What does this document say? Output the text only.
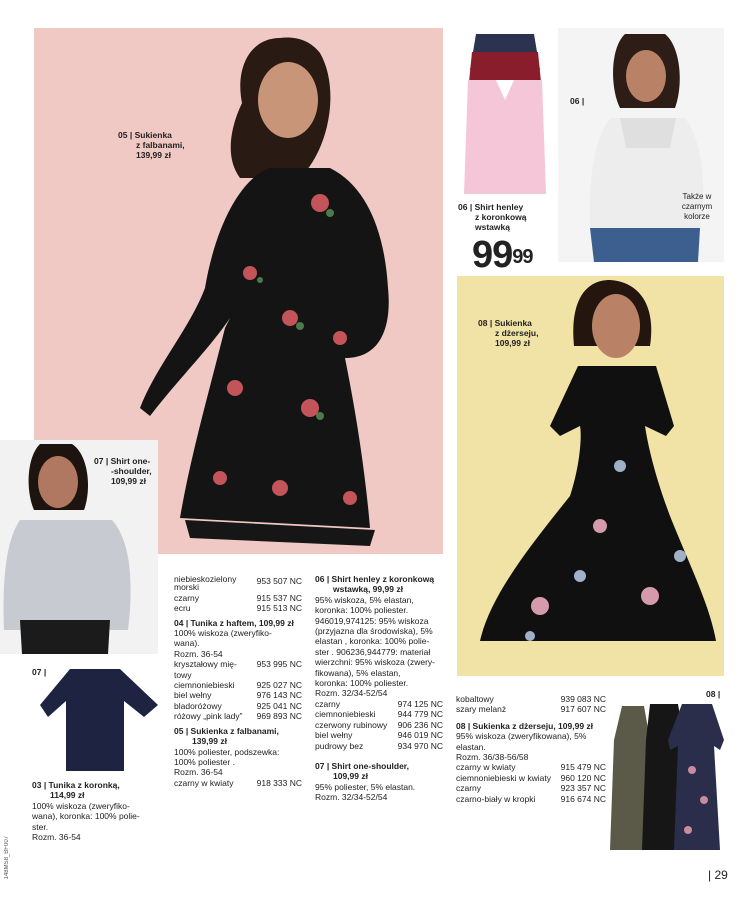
05 | Sukienka
z falbanami,
139,99 zł
06 | Shirt henley
z koronkową
wstawką
$99^{99}$
06 |
Także w
czarnym
kolorze
08 | Sukienka
z dżerseju,
109,99 zł
07 | Shirt one-
-shoulder,
109,99 zł
07 |
08 |
03 | Tunika z koronką,
114,99 zł
100% wiskoza (zweryfiko-
wana), koronka: 100% polie-
ster.
Rozm. 36-54
niebieskozielony
morski
953 507 NC
czarny	915 537 NC
ecru	915 513 NC
04 | Tunika z haftem, 109,99 zł
100% wiskoza (zweryfiko-
wana).
Rozm. 36-54
kryształowy mię- 953 995 NC
towy
ciemnoniebieski	925 027 NC
biel wełny	976 143 NC
bladoróżowy	925 041 NC
różowy „pink lady” 969 893 NC
05 | Sukienka z falbanami,
139,99 zł
100% poliester, podszewka:
100% poliester .
Rozm. 36-54
czarny w kwiaty	918 333 NC
06 | Shirt henley z koronkową
wstawką, 99,99 zł
95% wiskoza, 5% elastan,
koronka: 100% poliester.
946019,974125: 95% wiskoza
(przyjazna dla środowiska), 5%
elastan , koronka: 100% polie-
ster . 906236,944779: materiał
wierzchni: 95% wiskoza (zwery-
fikowana), 5% elastan,
koronka: 100% poliester.
Rozm. 32/34-52/54
czarny	974 125 NC
ciemnoniebieski	944 779 NC
czerwony rubinowy 906 236 NC
biel wełny	946 019 NC
pudrowy bez	934 970 NC
07 | Shirt one-shoulder,
109,99 zł
95% poliester, 5% elastan.
Rozm. 32/34-52/54
kobaltowy	939 083 NC
szary melanż	917 607 NC
08 | Sukienka z dżerseju, 109,99 zł
95% wiskoza (zweryfikowana), 5%
elastan.
Rozm. 36/38-56/58
czarny w kwiaty	915 479 NC
ciemnoniebieski w kwiaty 960 120 NC
czarny	923 357 NC
czarno-biały w kropki	916 674 NC
148MS8_BF007	| 29
